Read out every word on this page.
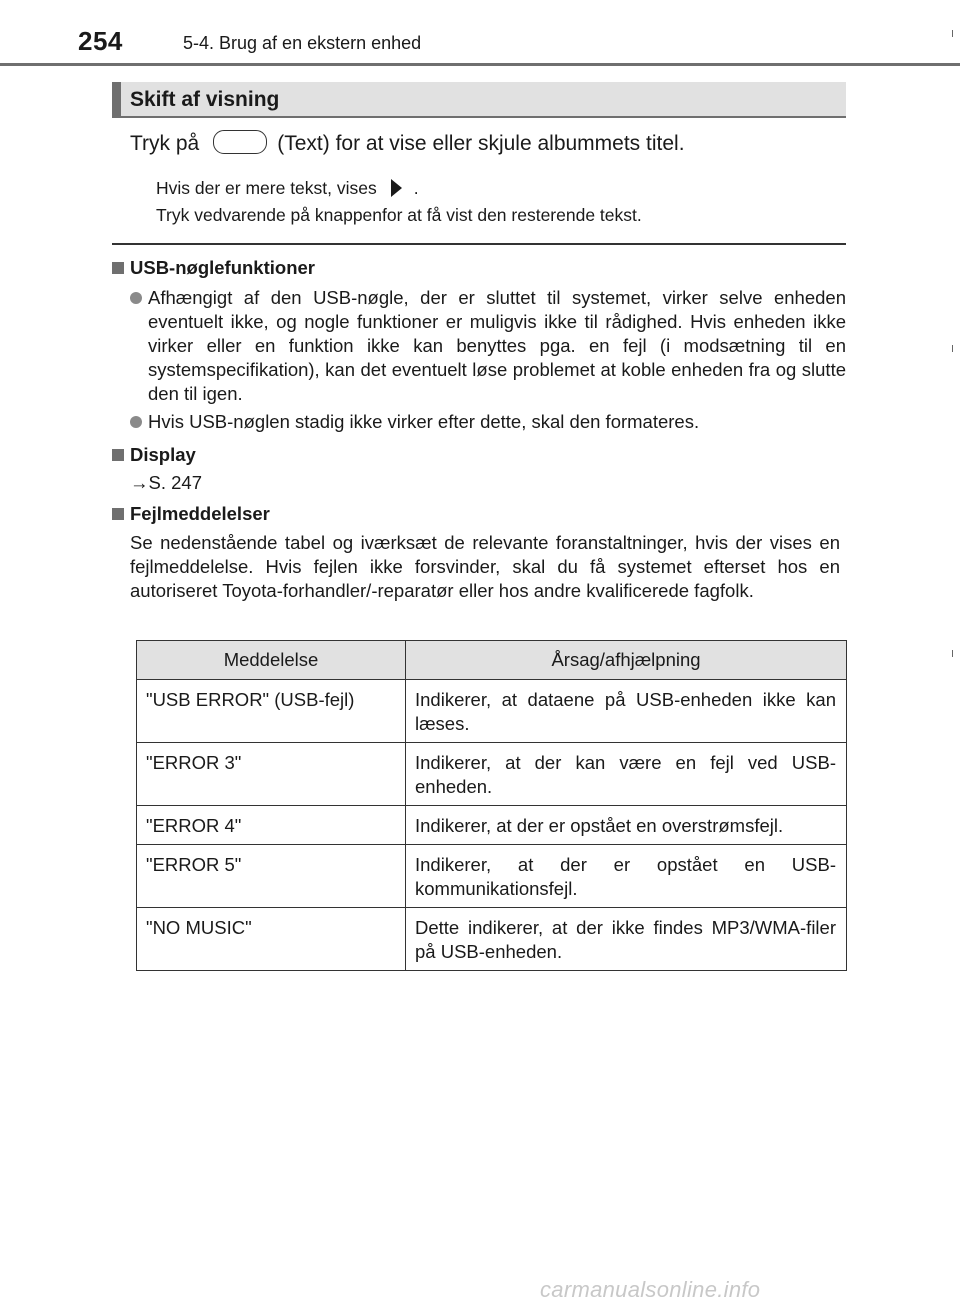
254	5-4. Brug af en ekstern enhed
Skift af visning
Tryk på	(Text) for at vise eller skjule albummets titel.
Hvis der er mere tekst, vises .
Tryk vedvarende på knappenfor at få vist den resterende tekst.
USB-nøglefunktioner
Afhængigt af den USB-nøgle, der er sluttet til systemet, virker selve enheden eventuelt ikke, og nogle funktioner er muligvis ikke til rådighed. Hvis enheden ikke virker eller en funktion ikke kan benyttes pga. en fejl (i modsætning til en systemspecifikation), kan det eventuelt løse problemet at koble enheden fra og slutte den til igen.
Hvis USB-nøglen stadig ikke virker efter dette, skal den formateres.
Display
→S. 247
Fejlmeddelelser
Se nedenstående tabel og iværksæt de relevante foranstaltninger, hvis der vises en fejlmeddelelse. Hvis fejlen ikke forsvinder, skal du få systemet efterset hos en autoriseret Toyota-forhandler/-reparatør eller hos andre kvalificerede fagfolk.
Meddelelse	Årsag/afhjælpning
"USB ERROR" (USB-fejl)	Indikerer, at dataene på USB-enheden ikke kan læses.
"ERROR 3"	Indikerer, at der kan være en fejl ved USB-enheden.
"ERROR 4"	Indikerer, at der er opstået en overstrømsfejl.
"ERROR 5"	Indikerer, at der er opstået en USB-kommunikationsfejl.
"NO MUSIC"	Dette indikerer, at der ikke findes MP3/WMA-filer på USB-enheden.
carmanualsonline.info
